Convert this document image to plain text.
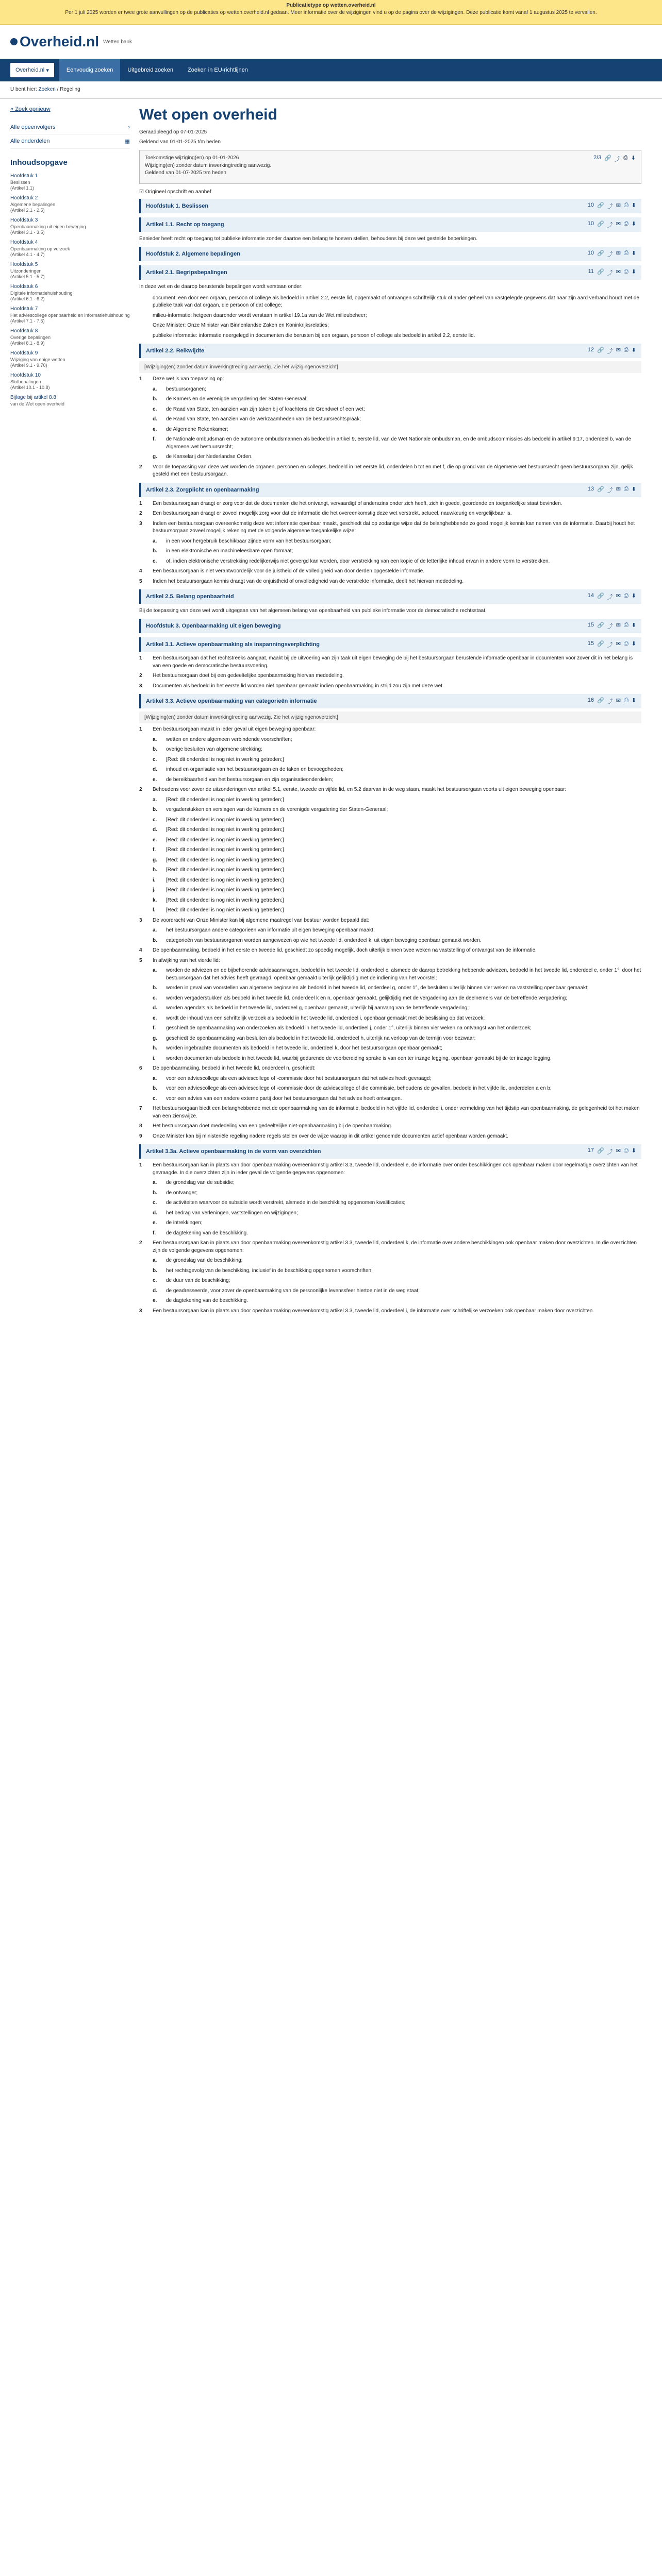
Publicatietype op wetten.overheid.nl
Per 1 juli 2025 worden er twee grote aanvullingen op de publicaties op wetten.overheid.nl gedaan. Meer informatie over de wijzigingen vind u op de pagina over de wijzigingen. Deze publicatie komt vanaf 1 augustus 2025 te vervallen.
Overheid.nl Wetten bank
Overheid.nl ▾	Eenvoudig zoeken	Uitgebreid zoeken	Zoeken in EU-richtlijnen
U bent hier: Zoeken / Regeling
« Zoek opnieuw
Alle opeenvolgers	›
Alle onderdelen	▦
Inhoudsopgave
Hoofdstuk 1
Beslissen
(Artikel 1.1)
Hoofdstuk 2
Algemene bepalingen
(Artikel 2.1 - 2.5)
Hoofdstuk 3
Openbaarmaking uit eigen beweging
(Artikel 3.1 - 3.5)
Hoofdstuk 4
Openbaarmaking op verzoek
(Artikel 4.1 - 4.7)
Hoofdstuk 5
Uitzonderingen
(Artikel 5.1 - 5.7)
Hoofdstuk 6
Digitale informatiehuishouding
(Artikel 6.1 - 6.2)
Hoofdstuk 7
Het adviescollege openbaarheid en informatiehuishouding
(Artikel 7.1 - 7.5)
Hoofdstuk 8
Overige bepalingen
(Artikel 8.1 - 8.9)
Hoofdstuk 9
Wijziging van enige wetten
(Artikel 9.1 - 9.70)
Hoofdstuk 10
Slotbepalingen
(Artikel 10.1 - 10.8)
Bijlage bij artikel 8.8
van de Wet open overheid
Wet open overheid
Geraadpleegd op 07-01-2025
Geldend van 01-01-2025 t/m heden
Toekomstige wijziging(en) op 01-01-2026
Wijziging(en) zonder datum inwerkingtreding aanwezig.
Geldend van 01-07-2025 t/m heden
2/3 🔗 ⤴ ⎙ ⬇
☑ Origineel opschrift en aanhef
Hoofdstuk 1. Beslissen	10 🔗 ⤴ ✉ ⎙ ⬇
Artikel 1.1. Recht op toegang	10 🔗 ⤴ ✉ ⎙ ⬇
Eenieder heeft recht op toegang tot publieke informatie zonder daartoe een belang te hoeven stellen, behoudens bij deze wet gestelde beperkingen.
Hoofdstuk 2. Algemene bepalingen	10 🔗 ⤴ ✉ ⎙ ⬇
Artikel 2.1. Begripsbepalingen	11 🔗 ⤴ ✉ ⎙ ⬇
In deze wet en de daarop berustende bepalingen wordt verstaan onder:
document: een door een orgaan, persoon of college als bedoeld in artikel 2.2, eerste lid, opgemaakt of ontvangen schriftelijk stuk of ander geheel van vastgelegde gegevens dat naar zijn aard verband houdt met de publieke taak van dat orgaan, die persoon of dat college;
milieu-informatie: hetgeen daaronder wordt verstaan in artikel 19.1a van de Wet milieubeheer;
Onze Minister: Onze Minister van Binnenlandse Zaken en Koninkrijksrelaties;
publieke informatie: informatie neergelegd in documenten die berusten bij een orgaan, persoon of college als bedoeld in artikel 2.2, eerste lid.
Artikel 2.2. Reikwijdte	12 🔗 ⤴ ✉ ⎙ ⬇
[Wijziging(en) zonder datum inwerkingtreding aanwezig. Zie het wijzigingenoverzicht]
1	Deze wet is van toepassing op:
a.	bestuursorganen;
b.	de Kamers en de verenigde vergadering der Staten-Generaal;
c.	de Raad van State, ten aanzien van zijn taken bij of krachtens de Grondwet of een wet;
d.	de Raad van State, ten aanzien van de werkzaamheden van de bestuursrechtspraak;
e.	de Algemene Rekenkamer;
f.	de Nationale ombudsman en de autonome ombudsmannen als bedoeld in artikel 9, eerste lid, van de Wet Nationale ombudsman, en de ombudscommissies als bedoeld in artikel 9:17, onderdeel b, van de Algemene wet bestuursrecht;
g.	de Kanselarij der Nederlandse Orden.
2	Voor de toepassing van deze wet worden de organen, personen en colleges, bedoeld in het eerste lid, onderdelen b tot en met f, die op grond van de Algemene wet bestuursrecht geen bestuursorgaan zijn, gelijk gesteld met een bestuursorgaan.
Artikel 2.3. Zorgplicht en openbaarmaking	13 🔗 ⤴ ✉ ⎙ ⬇
1	Een bestuursorgaan draagt er zorg voor dat de documenten die het ontvangt, vervaardigt of anderszins onder zich heeft, zich in goede, geordende en toegankelijke staat bevinden.
2	Een bestuursorgaan draagt er zoveel mogelijk zorg voor dat de informatie die het overeenkomstig deze wet verstrekt, actueel, nauwkeurig en vergelijkbaar is.
3	Indien een bestuursorgaan overeenkomstig deze wet informatie openbaar maakt, geschiedt dat op zodanige wijze dat de belanghebbende zo goed mogelijk kennis kan nemen van de informatie. Daarbij houdt het bestuursorgaan zoveel mogelijk rekening met de volgende algemene toegankelijke wijze:
a.	in een voor hergebruik beschikbaar zijnde vorm van het bestuursorgaan;
b.	in een elektronische en machineleesbare open formaat;
c.	of, indien elektronische verstrekking redelijkerwijs niet gevergd kan worden, door verstrekking van een kopie of de letterlijke inhoud ervan in andere vorm te verstrekken.
4	Een bestuursorgaan is niet verantwoordelijk voor de juistheid of de volledigheid van door derden opgestelde informatie.
5	Indien het bestuursorgaan kennis draagt van de onjuistheid of onvolledigheid van de verstrekte informatie, deelt het hiervan mededeling.
Artikel 2.5. Belang openbaarheid	14 🔗 ⤴ ✉ ⎙ ⬇
Bij de toepassing van deze wet wordt uitgegaan van het algemeen belang van openbaarheid van publieke informatie voor de democratische rechtsstaat.
Hoofdstuk 3. Openbaarmaking uit eigen beweging	15 🔗 ⤴ ✉ ⎙ ⬇
Artikel 3.1. Actieve openbaarmaking als inspanningsverplichting	15 🔗 ⤴ ✉ ⎙ ⬇
1	Een bestuursorgaan dat het rechtstreeks aangaat, maakt bij de uitvoering van zijn taak uit eigen beweging de bij het bestuursorgaan berustende informatie openbaar in documenten voor zover dit in het belang is van een goede en democratische bestuursvoering.
2	Het bestuursorgaan doet bij een gedeeltelijke openbaarmaking hiervan mededeling.
3	Documenten als bedoeld in het eerste lid worden niet openbaar gemaakt indien openbaarmaking in strijd zou zijn met deze wet.
Artikel 3.3. Actieve openbaarmaking van categorieën informatie	16 🔗 ⤴ ✉ ⎙ ⬇
[Wijziging(en) zonder datum inwerkingtreding aanwezig. Zie het wijzigingenoverzicht]
1	Een bestuursorgaan maakt in ieder geval uit eigen beweging openbaar:
a.	wetten en andere algemeen verbindende voorschriften;
b.	overige besluiten van algemene strekking;
c.	[Red: dit onderdeel is nog niet in werking getreden;]
d.	inhoud en organisatie van het bestuursorgaan en de taken en bevoegdheden;
e.	de bereikbaarheid van het bestuursorgaan en zijn organisatieonderdelen;
2	Behoudens voor zover de uitzonderingen van artikel 5.1, eerste, tweede en vijfde lid, en 5.2 daarvan in de weg staan, maakt het bestuursorgaan voorts uit eigen beweging openbaar:
a.	[Red: dit onderdeel is nog niet in werking getreden;]
b.	vergaderstukken en verslagen van de Kamers en de verenigde vergadering der Staten-Generaal;
c.	[Red: dit onderdeel is nog niet in werking getreden;]
d.	[Red: dit onderdeel is nog niet in werking getreden;]
e.	[Red: dit onderdeel is nog niet in werking getreden;]
f.	[Red: dit onderdeel is nog niet in werking getreden;]
g.	[Red: dit onderdeel is nog niet in werking getreden;]
h.	[Red: dit onderdeel is nog niet in werking getreden;]
i.	[Red: dit onderdeel is nog niet in werking getreden;]
j.	[Red: dit onderdeel is nog niet in werking getreden;]
k.	[Red: dit onderdeel is nog niet in werking getreden;]
l.	[Red: dit onderdeel is nog niet in werking getreden;]
3	De voordracht van Onze Minister kan bij algemene maatregel van bestuur worden bepaald dat:
a.	het bestuursorgaan andere categorieën van informatie uit eigen beweging openbaar maakt;
b.	categorieën van bestuursorganen worden aangewezen op wie het tweede lid, onderdeel k, uit eigen beweging openbaar gemaakt worden.
4	De openbaarmaking, bedoeld in het eerste en tweede lid, geschiedt zo spoedig mogelijk, doch uiterlijk binnen twee weken na vaststelling of ontvangst van de informatie.
5	In afwijking van het vierde lid:
a.	worden de adviezen en de bijbehorende adviesaanvragen, bedoeld in het tweede lid, onderdeel c, alsmede de daarop betrekking hebbende adviezen, bedoeld in het tweede lid, onderdeel e, onder 1°, door het bestuursorgaan dat het advies heeft gevraagd, openbaar gemaakt uiterlijk gelijktijdig met de indiening van het voorstel;
b.	worden in geval van voorstellen van algemene beginselen als bedoeld in het tweede lid, onderdeel g, onder 1°, de besluiten uiterlijk binnen vier weken na vaststelling openbaar gemaakt;
c.	worden vergaderstukken als bedoeld in het tweede lid, onderdeel k en n, openbaar gemaakt, gelijktijdig met de vergadering aan de deelnemers van de betreffende vergadering;
d.	worden agenda's als bedoeld in het tweede lid, onderdeel g, openbaar gemaakt, uiterlijk bij aanvang van de betreffende vergadering;
e.	wordt de inhoud van een schriftelijk verzoek als bedoeld in het tweede lid, onderdeel i, openbaar gemaakt met de beslissing op dat verzoek;
f.	geschiedt de openbaarmaking van onderzoeken als bedoeld in het tweede lid, onderdeel j, onder 1°, uiterlijk binnen vier weken na ontvangst van het onderzoek;
g.	geschiedt de openbaarmaking van besluiten als bedoeld in het tweede lid, onderdeel h, uiterlijk na verloop van de termijn voor bezwaar;
h.	worden ingebrachte documenten als bedoeld in het tweede lid, onderdeel k, door het bestuursorgaan openbaar gemaakt;
i.	worden documenten als bedoeld in het tweede lid, waarbij gedurende de voorbereiding sprake is van een ter inzage legging, openbaar gemaakt bij de ter inzage legging.
6	De openbaarmaking, bedoeld in het tweede lid, onderdeel n, geschiedt:
a.	voor een adviescollege als een adviescollege of -commissie door het bestuursorgaan dat het advies heeft gevraagd;
b.	voor een adviescollege als een adviescollege of -commissie door de adviescollege of die commissie, behoudens de gevallen, bedoeld in het vijfde lid, onderdelen a en b;
c.	voor een advies van een andere externe partij door het bestuursorgaan dat het advies heeft ontvangen.
7	Het bestuursorgaan biedt een belanghebbende met de openbaarmaking van de informatie, bedoeld in het vijfde lid, onderdeel i, onder vermelding van het tijdstip van openbaarmaking, de gelegenheid tot het maken van een zienswijze.
8	Het bestuursorgaan doet mededeling van een gedeeltelijke niet-openbaarmaking bij de openbaarmaking.
9	Onze Minister kan bij ministeriële regeling nadere regels stellen over de wijze waarop in dit artikel genoemde documenten actief openbaar worden gemaakt.
Artikel 3.3a. Actieve openbaarmaking in de vorm van overzichten	17 🔗 ⤴ ✉ ⎙ ⬇
1	Een bestuursorgaan kan in plaats van door openbaarmaking overeenkomstig artikel 3.3, tweede lid, onderdeel e, de informatie over onder beschikkingen ook openbaar maken door regelmatige overzichten van het gevraagde. In die overzichten zijn in ieder geval de volgende gegevens opgenomen:
a.	de grondslag van de subsidie;
b.	de ontvanger;
c.	de activiteiten waarvoor de subsidie wordt verstrekt, alsmede in de beschikking opgenomen kwalificaties;
d.	het bedrag van verleningen, vaststellingen en wijzigingen;
e.	de intrekkingen;
f.	de dagtekening van de beschikking.
2	Een bestuursorgaan kan in plaats van door openbaarmaking overeenkomstig artikel 3.3, tweede lid, onderdeel k, de informatie over andere beschikkingen ook openbaar maken door overzichten. In die overzichten zijn de volgende gegevens opgenomen:
a.	de grondslag van de beschikking;
b.	het rechtsgevolg van de beschikking, inclusief in de beschikking opgenomen voorschriften;
c.	de duur van de beschikking;
d.	de geadresseerde, voor zover de openbaarmaking van de persoonlijke levenssfeer hiertoe niet in de weg staat;
e.	de dagtekening van de beschikking.
3	Een bestuursorgaan kan in plaats van door openbaarmaking overeenkomstig artikel 3.3, tweede lid, onderdeel i, de informatie over schriftelijke verzoeken ook openbaar maken door overzichten.
